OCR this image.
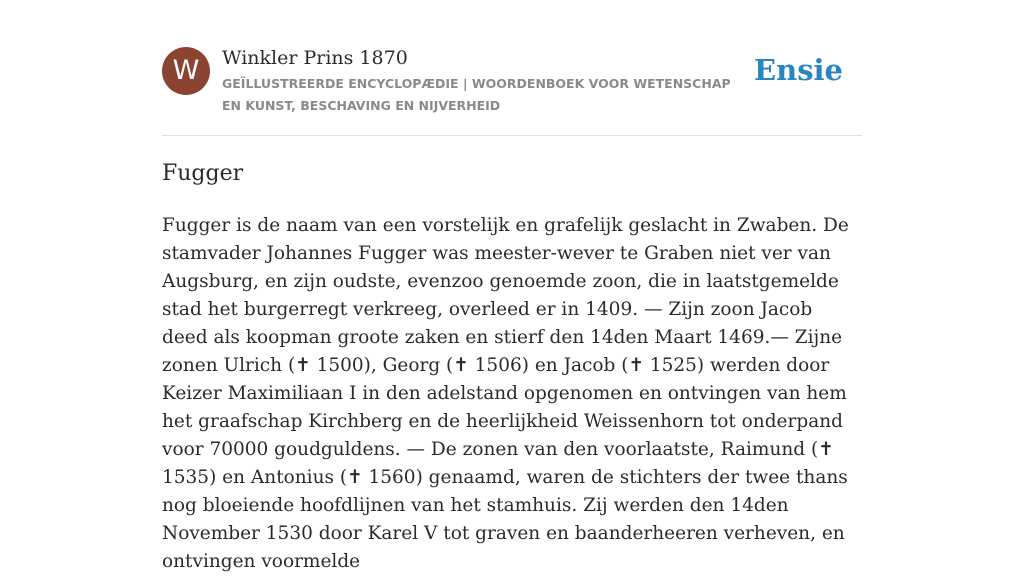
W	Winkler Prins 1870
GEÏLLUSTREERDE ENCYCLOPÆDIE | WOORDENBOEK VOOR WETENSCHAP EN KUNST, BESCHAVING EN NIJVERHEID
Ensie
Fugger

Fugger is de naam van een vorstelijk en grafelijk geslacht in Zwaben. De stamvader Johannes Fugger was meester-wever te Graben niet ver van Augsburg, en zijn oudste, evenzoo genoemde zoon, die in laatstgemelde stad het burgerregt verkreeg, overleed er in 1409. — Zijn zoon Jacob deed als koopman groote zaken en stierf den 14den Maart 1469.— Zijne zonen Ulrich (✝ 1500), Georg (✝ 1506) en Jacob (✝ 1525) werden door Keizer Maximiliaan I in den adelstand opgenomen en ontvingen van hem het graafschap Kirchberg en de heerlijkheid Weissenhorn tot onderpand voor 70000 goudguldens. — De zonen van den voorlaatste, Raimund (✝ 1535) en Antonius (✝ 1560) genaamd, waren de stichters der twee thans nog bloeiende hoofdlijnen van het stamhuis. Zij werden den 14den November 1530 door Karel V tot graven en baanderheeren verheven, en ontvingen voormelde
